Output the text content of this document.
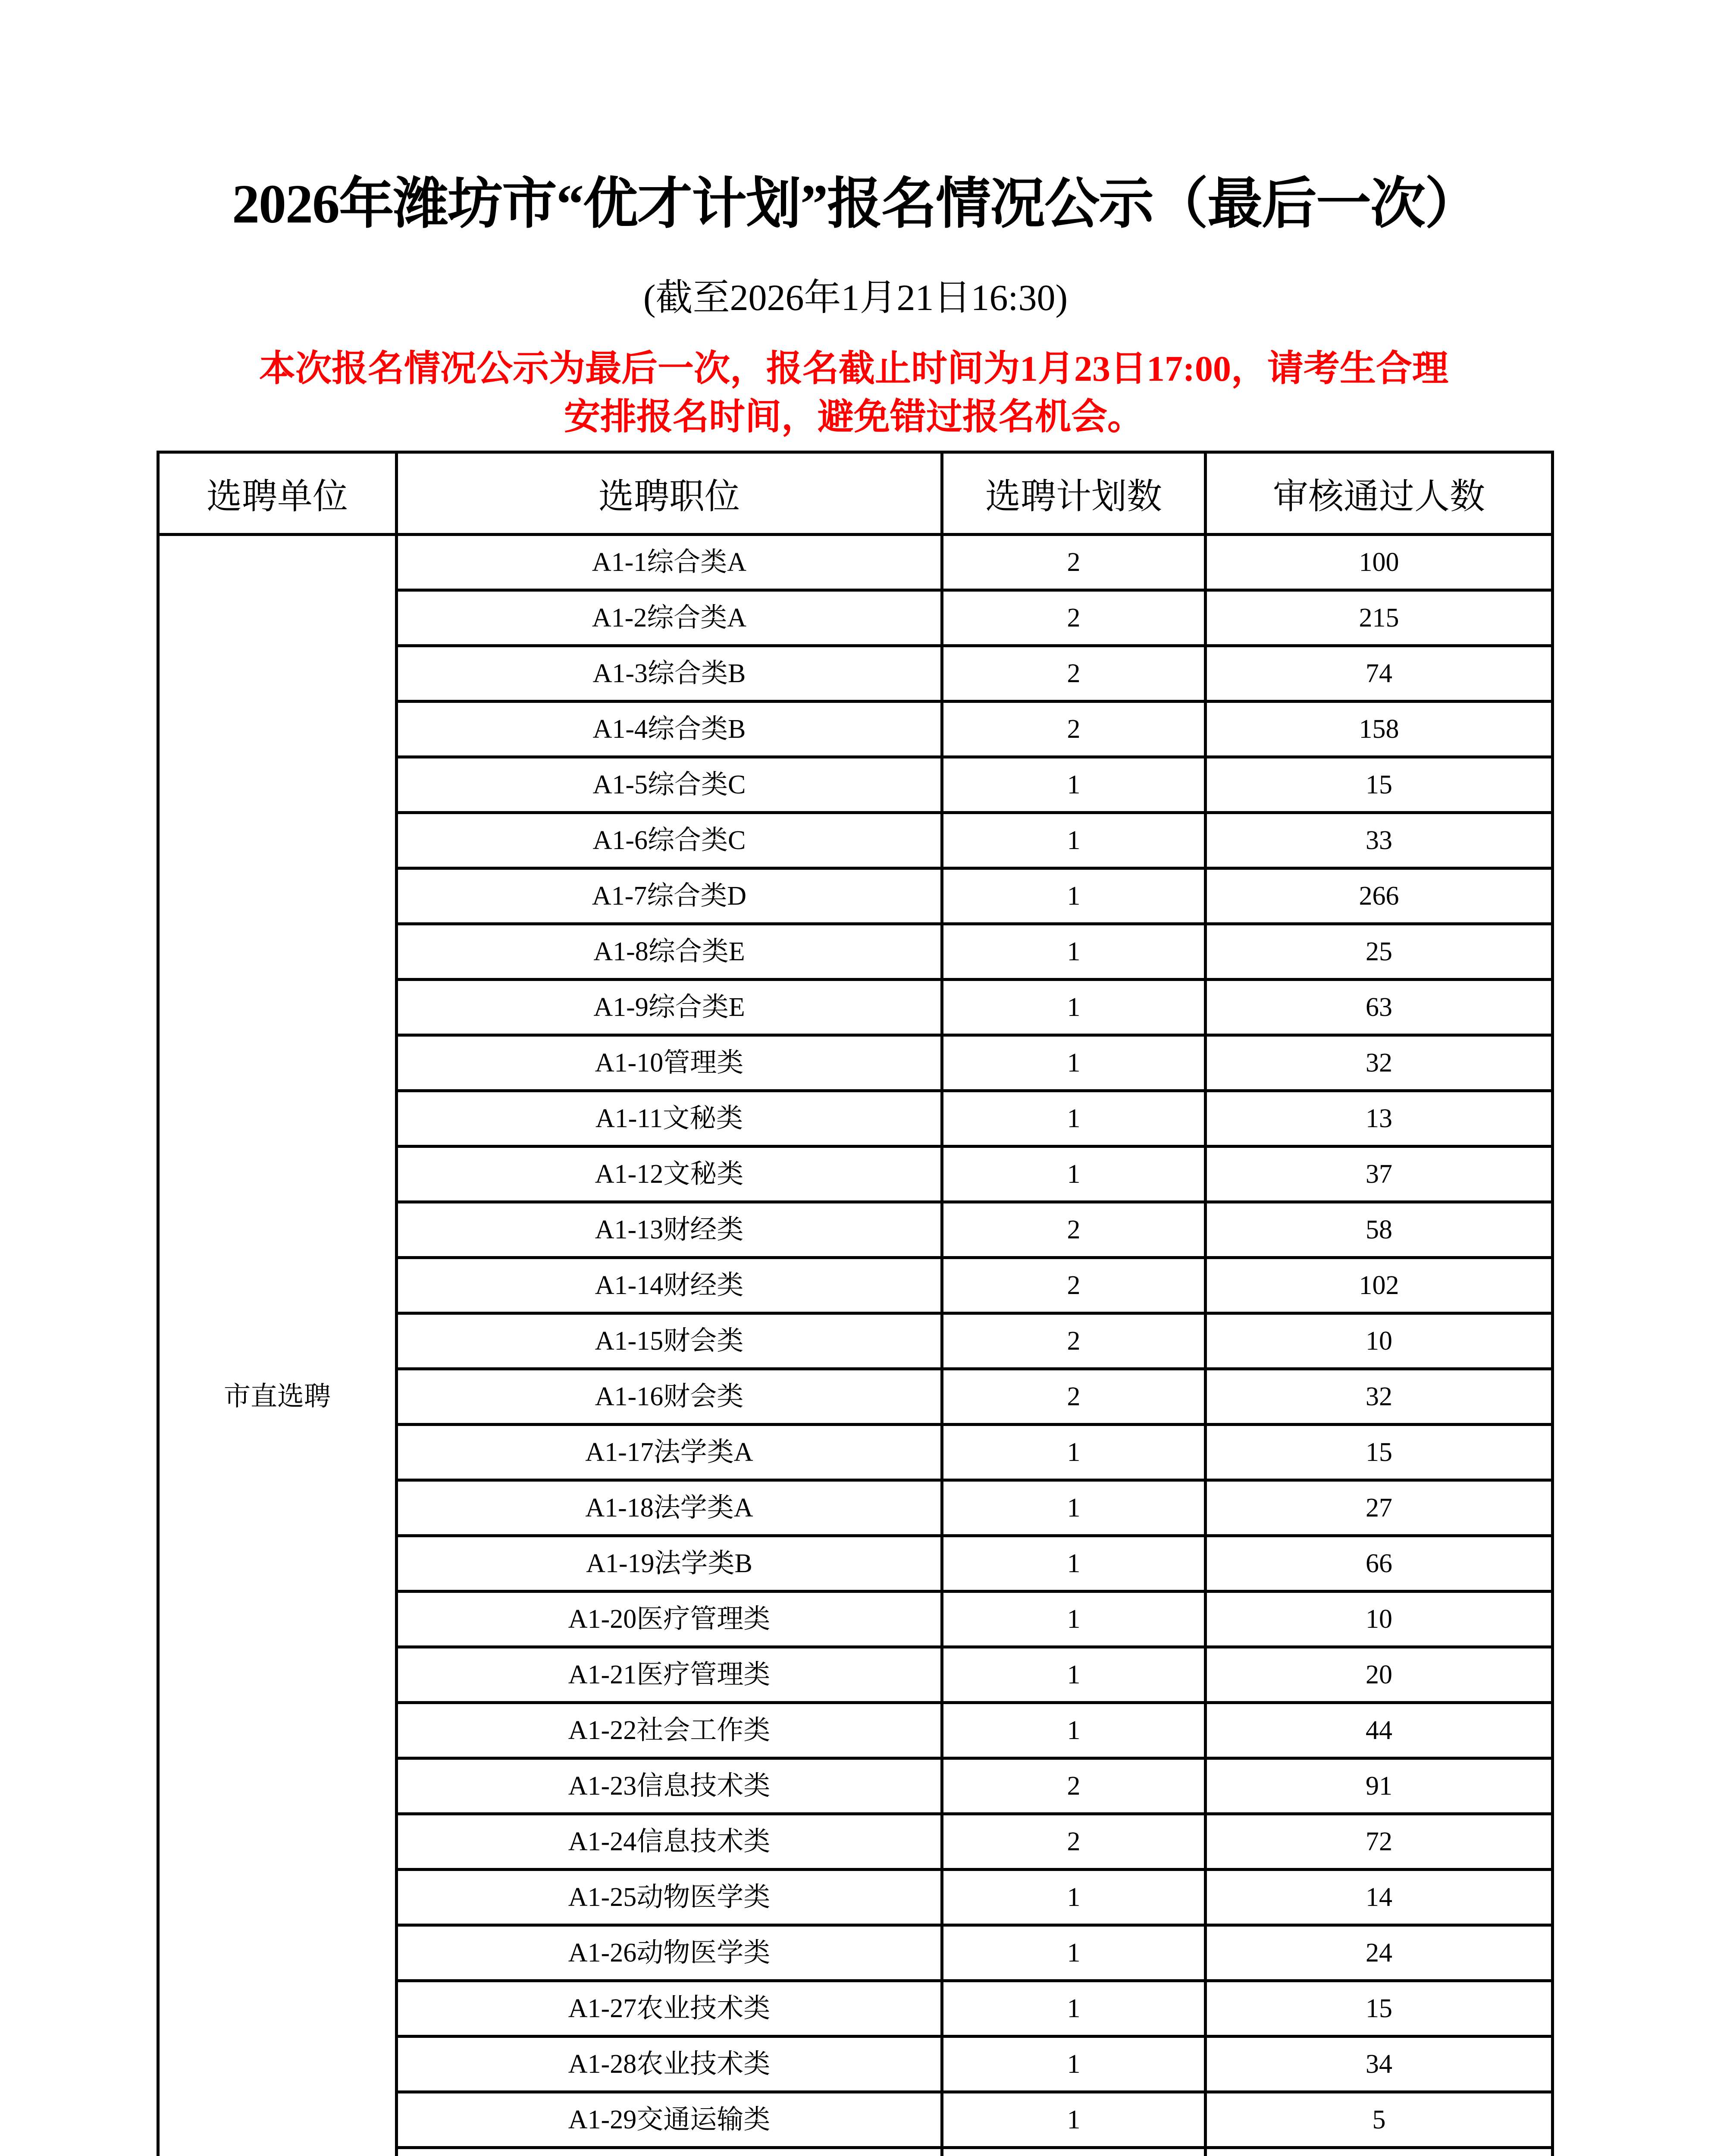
2026年潍坊市“优才计划”报名情况公示（最后一次）
(截至2026年1月21日16:30)
本次报名情况公示为最后一次，报名截止时间为1月23日17:00，请考生合理
安排报名时间，避免错过报名机会。
选聘单位	选聘职位	选聘计划数	审核通过人数
市直选聘	A1-1综合类A	2	100
	A1-2综合类A	2	215
	A1-3综合类B	2	74
	A1-4综合类B	2	158
	A1-5综合类C	1	15
	A1-6综合类C	1	33
	A1-7综合类D	1	266
	A1-8综合类E	1	25
	A1-9综合类E	1	63
	A1-10管理类	1	32
	A1-11文秘类	1	13
	A1-12文秘类	1	37
	A1-13财经类	2	58
	A1-14财经类	2	102
	A1-15财会类	2	10
	A1-16财会类	2	32
	A1-17法学类A	1	15
	A1-18法学类A	1	27
	A1-19法学类B	1	66
	A1-20医疗管理类	1	10
	A1-21医疗管理类	1	20
	A1-22社会工作类	1	44
	A1-23信息技术类	2	91
	A1-24信息技术类	2	72
	A1-25动物医学类	1	14
	A1-26动物医学类	1	24
	A1-27农业技术类	1	15
	A1-28农业技术类	1	34
	A1-29交通运输类	1	5
